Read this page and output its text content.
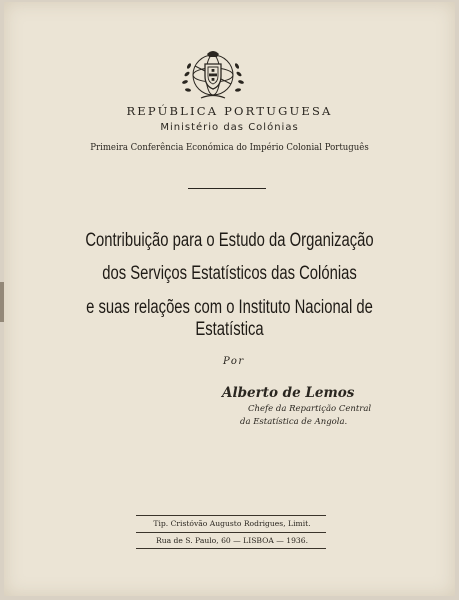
REPÚBLICA PORTUGUESA
Ministério das Colónias
Primeira Conferência Económica do Império Colonial Português
Contribuição para o Estudo da Organização
dos Serviços Estatísticos das Colónias
e suas relações com o Instituto Nacional de Estatística
Por
Alberto de Lemos
Chefe da Repartição Central
da Estatística de Angola.
Tip. Cristóvão Augusto Rodrigues, Limit.
Rua de S. Paulo, 60 — LISBOA — 1936.
